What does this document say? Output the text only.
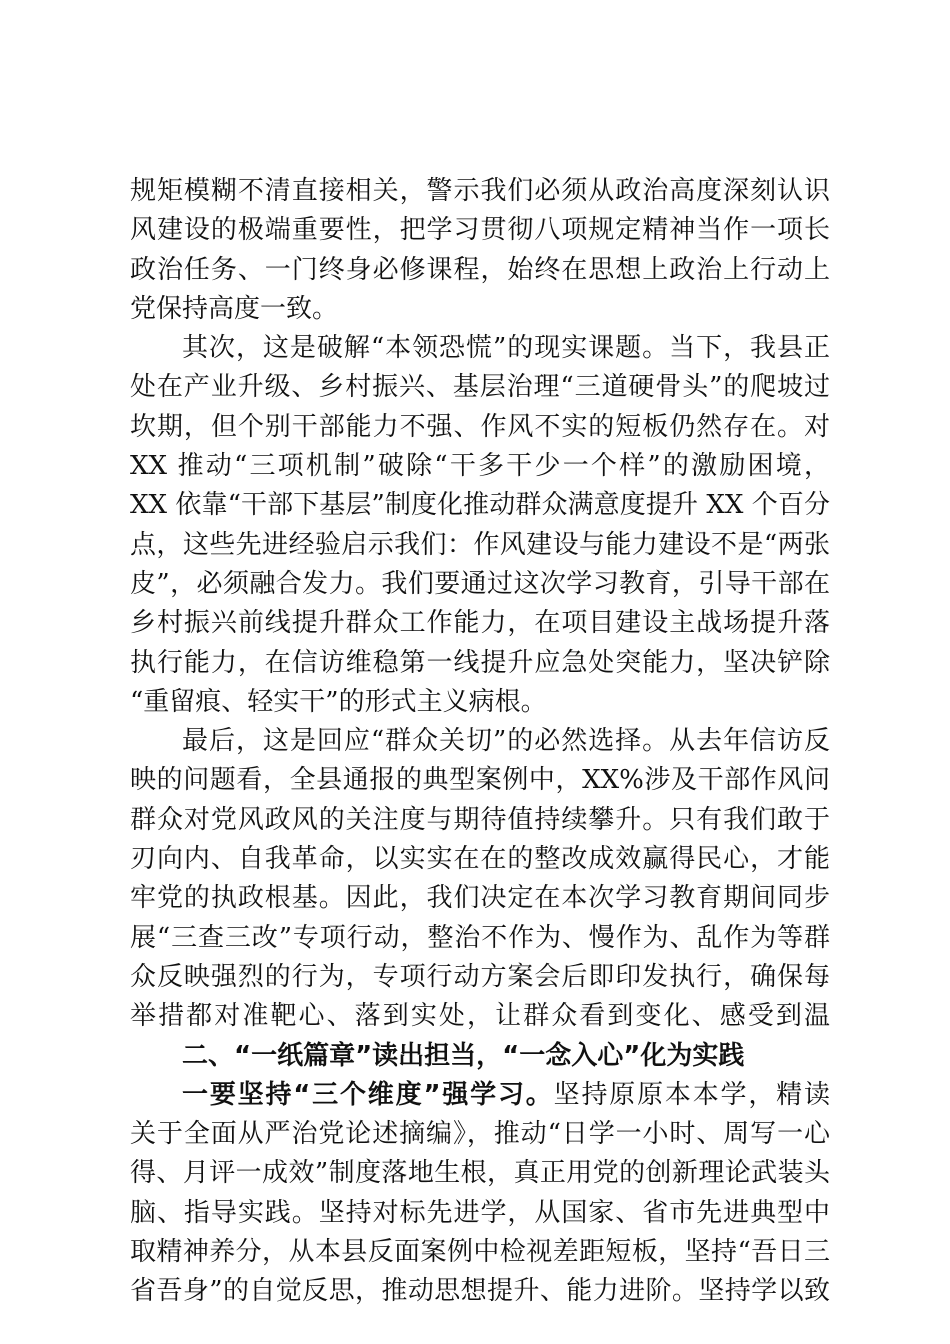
规矩模糊不清直接相关，警示我们必须从政治高度深刻认识
风建设的极端重要性，把学习贯彻八项规定精神当作一项长
政治任务、一门终身必修课程，始终在思想上政治上行动上
党保持高度一致。
其次，这是破解“本领恐慌”的现实课题。当下，我县正
处在产业升级、乡村振兴、基层治理“三道硬骨头”的爬坡过
坎期，但个别干部能力不强、作风不实的短板仍然存在。对
XX 推动“三项机制”破除“干多干少一个样”的激励困境，
XX 依靠“干部下基层”制度化推动群众满意度提升 XX 个百分
点，这些先进经验启示我们：作风建设与能力建设不是“两张
皮”，必须融合发力。我们要通过这次学习教育，引导干部在
乡村振兴前线提升群众工作能力，在项目建设主战场提升落
执行能力，在信访维稳第一线提升应急处突能力，坚决铲除
“重留痕、轻实干”的形式主义病根。
最后，这是回应“群众关切”的必然选择。从去年信访反
映的问题看，全县通报的典型案例中，XX%涉及干部作风问
群众对党风政风的关注度与期待值持续攀升。只有我们敢于
刃向内、自我革命，以实实在在的整改成效赢得民心，才能
牢党的执政根基。因此，我们决定在本次学习教育期间同步
展“三查三改”专项行动，整治不作为、慢作为、乱作为等群
众反映强烈的行为，专项行动方案会后即印发执行，确保每
举措都对准靶心、落到实处，让群众看到变化、感受到温
二、“一纸篇章”读出担当，“一念入心”化为实践
一要坚持“三个维度”强学习。坚持原原本本学，精读
关于全面从严治党论述摘编》，推动“日学一小时、周写一心
得、月评一成效”制度落地生根，真正用党的创新理论武装头
脑、指导实践。坚持对标先进学，从国家、省市先进典型中
取精神养分，从本县反面案例中检视差距短板，坚持“吾日三
省吾身”的自觉反思，推动思想提升、能力进阶。坚持学以致
